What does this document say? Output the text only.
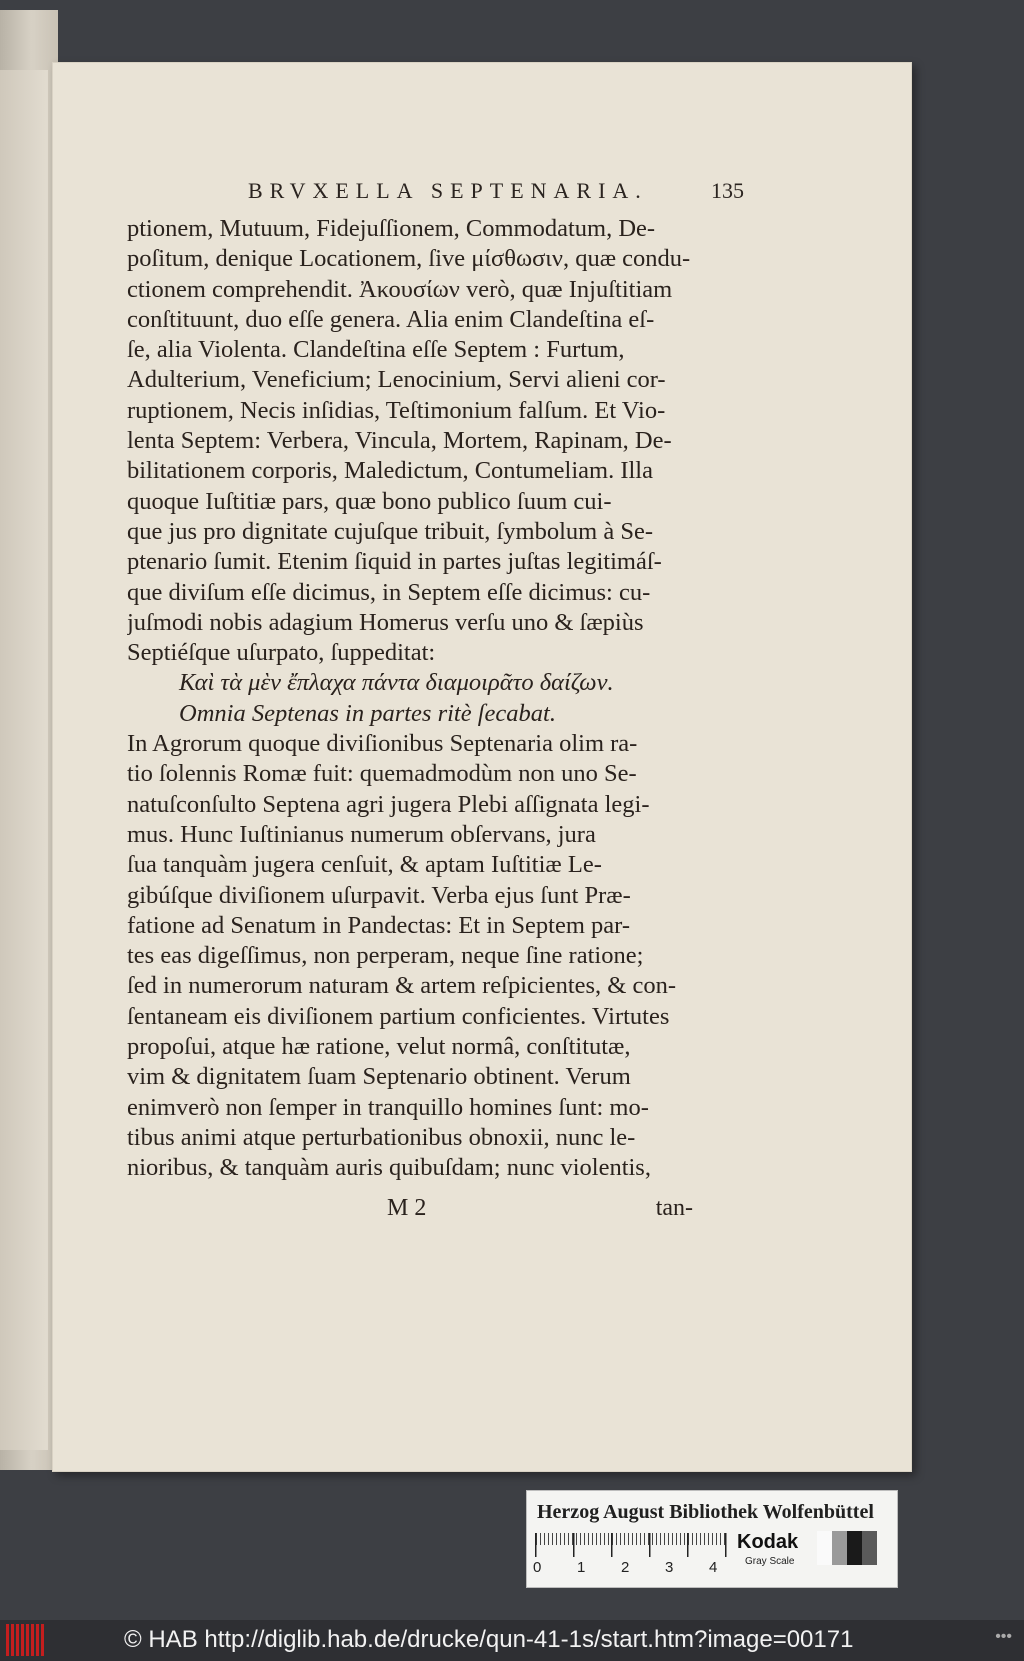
BRVXELLA SEPTENARIA.	135
ptionem, Mutuum, Fidejuſſionem, Commodatum, De-
poſitum, denique Locationem, ſive μίσθωσιν, quæ condu-
ctionem comprehendit. Ἀκουσίων verò, quæ Injuſtitiam
conſtituunt, duo eſſe genera. Alia enim Clandeſtina eſ-
ſe, alia Violenta. Clandeſtina eſſe Septem : Furtum,
Adulterium, Veneficium; Lenocinium, Servi alieni cor-
ruptionem, Necis inſidias, Teſtimonium falſum. Et Vio-
lenta Septem: Verbera, Vincula, Mortem, Rapinam, De-
bilitationem corporis, Maledictum, Contumeliam. Illa
quoque Iuſtitiæ pars, quæ bono publico ſuum cui-
que jus pro dignitate cujuſque tribuit, ſymbolum à Se-
ptenario ſumit. Etenim ſiquid in partes juſtas legitimáſ-
que diviſum eſſe dicimus, in Septem eſſe dicimus: cu-
juſmodi nobis adagium Homerus verſu uno & ſæpiùs
Septiéſque uſurpato, ſuppeditat:
Καὶ τὰ μὲν ἔπλαχα πάντα διαμοιρᾶτο δαίζων.
Omnia Septenas in partes ritè ſecabat.
In Agrorum quoque diviſionibus Septenaria olim ra-
tio ſolennis Romæ fuit: quemadmodùm non uno Se-
natuſconſulto Septena agri jugera Plebi aſſignata legi-
mus. Hunc Iuſtinianus numerum obſervans, jura
ſua tanquàm jugera cenſuit, & aptam Iuſtitiæ Le-
gibúſque diviſionem uſurpavit. Verba ejus ſunt Præ-
fatione ad Senatum in Pandectas: Et in Septem par-
tes eas digeſſimus, non perperam, neque ſine ratione;
ſed in numerorum naturam & artem reſpicientes, & con-
ſentaneam eis diviſionem partium conficientes. Virtutes
propoſui, atque hæ ratione, velut normâ, conſtitutæ,
vim & dignitatem ſuam Septenario obtinent. Verum
enimverò non ſemper in tranquillo homines ſunt: mo-
tibus animi atque perturbationibus obnoxii, nunc le-
nioribus, & tanquàm auris quibuſdam; nunc violentis,
M 2	tan-
Herzog August Bibliothek Wolfenbüttel
0 1 2 3 4
Kodak
Gray Scale
© HAB http://diglib.hab.de/drucke/qun-41-1s/start.htm?image=00171	•••
